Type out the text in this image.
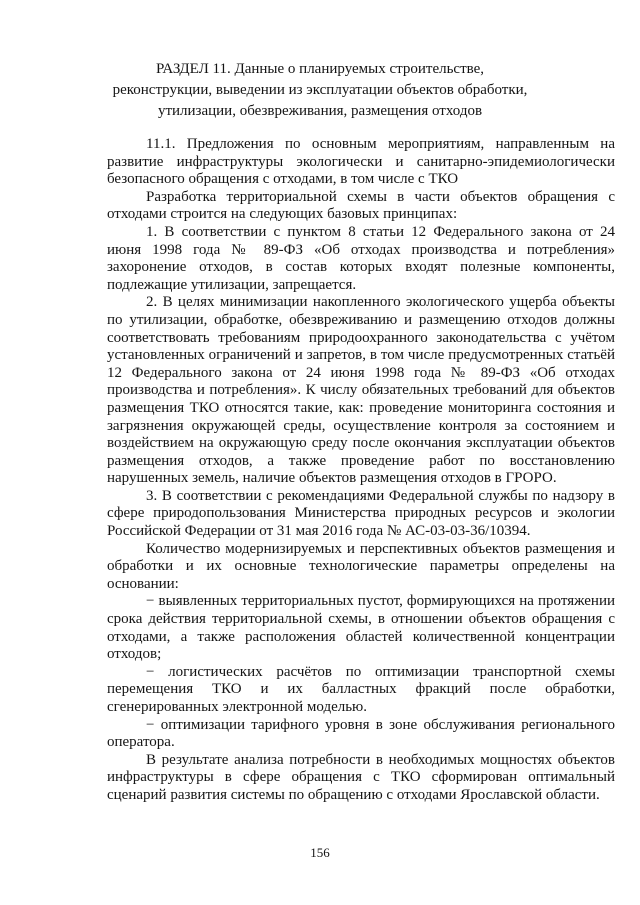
РАЗДЕЛ 11. Данные о планируемых строительстве, реконструкции, выведении из эксплуатации объектов обработки, утилизации, обезвреживания, размещения отходов

11.1. Предложения по основным мероприятиям, направленным на развитие инфраструктуры экологически и санитарно-эпидемиологически безопасного обращения с отходами, в том числе с ТКО

Разработка территориальной схемы в части объектов обращения с отходами строится на следующих базовых принципах:

1. В соответствии с пунктом 8 статьи 12 Федерального закона от 24 июня 1998 года № 89-ФЗ «Об отходах производства и потребления» захоронение отходов, в состав которых входят полезные компоненты, подлежащие утилизации, запрещается.

2. В целях минимизации накопленного экологического ущерба объекты по утилизации, обработке, обезвреживанию и размещению отходов должны соответствовать требованиям природоохранного законодательства с учётом установленных ограничений и запретов, в том числе предусмотренных статьёй 12 Федерального закона от 24 июня 1998 года № 89-ФЗ «Об отходах производства и потребления». К числу обязательных требований для объектов размещения ТКО относятся такие, как: проведение мониторинга состояния и загрязнения окружающей среды, осуществление контроля за состоянием и воздействием на окружающую среду после окончания эксплуатации объектов размещения отходов, а также проведение работ по восстановлению нарушенных земель, наличие объектов размещения отходов в ГРОРО.

3. В соответствии с рекомендациями Федеральной службы по надзору в сфере природопользования Министерства природных ресурсов и экологии Российской Федерации от 31 мая 2016 года № АС-03-03-36/10394.

Количество модернизируемых и перспективных объектов размещения и обработки и их основные технологические параметры определены на основании:

− выявленных территориальных пустот, формирующихся на протяжении срока действия территориальной схемы, в отношении объектов обращения с отходами, а также расположения областей количественной концентрации отходов;

− логистических расчётов по оптимизации транспортной схемы перемещения ТКО и их балластных фракций после обработки, сгенерированных электронной моделью.

− оптимизации тарифного уровня в зоне обслуживания регионального оператора.

В результате анализа потребности в необходимых мощностях объектов инфраструктуры в сфере обращения с ТКО сформирован оптимальный сценарий развития системы по обращению с отходами Ярославской области.

156
